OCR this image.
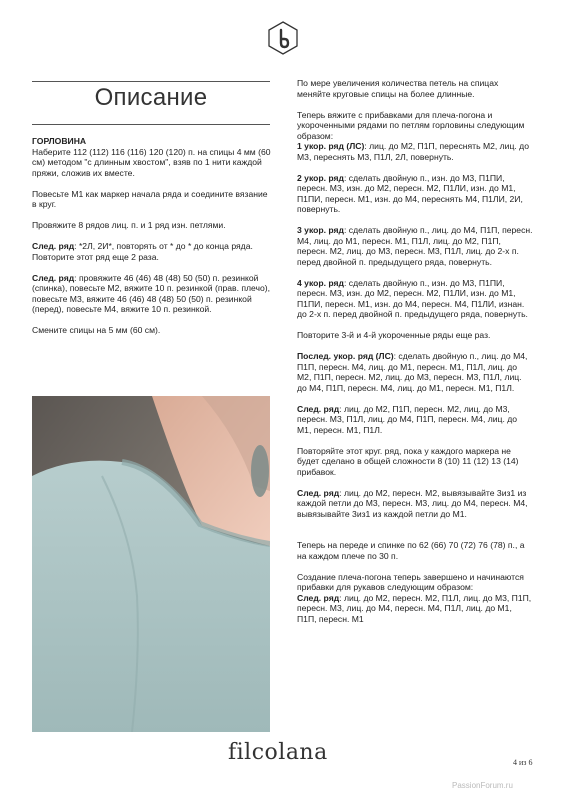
Описание

ГОРЛОВИНА

Наберите 112 (112) 116 (116) 120 (120) п. на спицы 4 мм (60 см) методом "с длинным хвостом", взяв по 1 нити каждой пряжи, сложив их вместе.

Повесьте М1 как маркер начала ряда и соедините вязание в круг.

Провяжите 8 рядов лиц. п. и 1 ряд изн. петлями.

След. ряд: *2Л, 2И*, повторять от * до * до конца ряда.
Повторите этот ряд еще 2 раза.

След. ряд: провяжите 46 (46) 48 (48) 50 (50) п. резинкой (спинка), повесьте М2, вяжите 10 п. резинкой (прав. плечо), повесьте М3, вяжите 46 (46) 48 (48) 50 (50) п. резинкой (перед), повесьте М4, вяжите 10 п. резинкой.

Смените спицы на 5 мм (60 см).

По мере увеличения количества петель на спицах меняйте круговые спицы на более длинные.

Теперь вяжите с прибавками для плеча-погона и укороченными рядами по петлям горловины следующим образом:

1 укор. ряд (ЛС): лиц. до М2, П1П, переснять М2, лиц. до М3, переснять М3, П1Л, 2Л, повернуть.

2 укор. ряд: сделать двойную п., изн. до М3, П1ПИ, пересн. М3, изн. до М2, пересн. М2, П1ЛИ, изн. до М1, П1ПИ, пересн. М1, изн. до М4, переснять М4, П1ЛИ, 2И, повернуть.

3 укор. ряд: сделать двойную п., лиц. до М4, П1П, пересн. М4, лиц. до М1, пересн. М1, П1Л, лиц. до М2, П1П, пересн. М2, лиц. до М3, пересн. М3, П1Л, лиц. до 2-х п. перед двойной п. предыдущего ряда, повернуть.

4 укор. ряд: сделать двойную п., изн. до М3, П1ПИ, пересн. М3, изн. до М2, пересн. М2, П1ЛИ, изн. до М1, П1ПИ, пересн. М1, изн. до М4, пересн. М4, П1ЛИ, изнан. до 2-х п. перед двойной п. предыдущего ряда, повернуть.

Повторите 3-й и 4-й укороченные ряды еще раз.

Послед. укор. ряд (ЛС): сделать двойную п., лиц. до М4, П1П, пересн. М4, лиц. до М1, пересн. М1, П1Л, лиц. до М2, П1П, пересн. М2, лиц. до М3, пересн. М3, П1Л, лиц. до М4, П1П, пересн. М4, лиц. до М1, пересн. М1, П1Л.

След. ряд: лиц. до М2, П1П, пересн. М2, лиц. до М3, пересн. М3, П1Л, лиц. до М4, П1П, пересн. М4, лиц. до М1, пересн. М1, П1Л.

Повторяйте этот круг. ряд, пока у каждого маркера не будет сделано в общей сложности 8 (10) 11 (12) 13 (14) прибавок.

След. ряд: лиц. до М2, пересн. М2, вывязывайте 3из1 из каждой петли до М3, пересн. М3, лиц. до М4, пересн. М4, вывязывайте 3из1 из каждой петли до М1.

Теперь на переде и спинке по 62 (66) 70 (72) 76 (78) п., а на каждом плече по 30 п.

Создание плеча-погона теперь завершено и начинаются прибавки для рукавов следующим образом:

След. ряд: лиц. до М2, пересн. М2, П1Л, лиц. до М3, П1П, пересн. М3, лиц. до М4, пересн. М4, П1Л, лиц. до М1, П1П, пересн. М1

filcolana	4 из 6
PassionForum.ru
